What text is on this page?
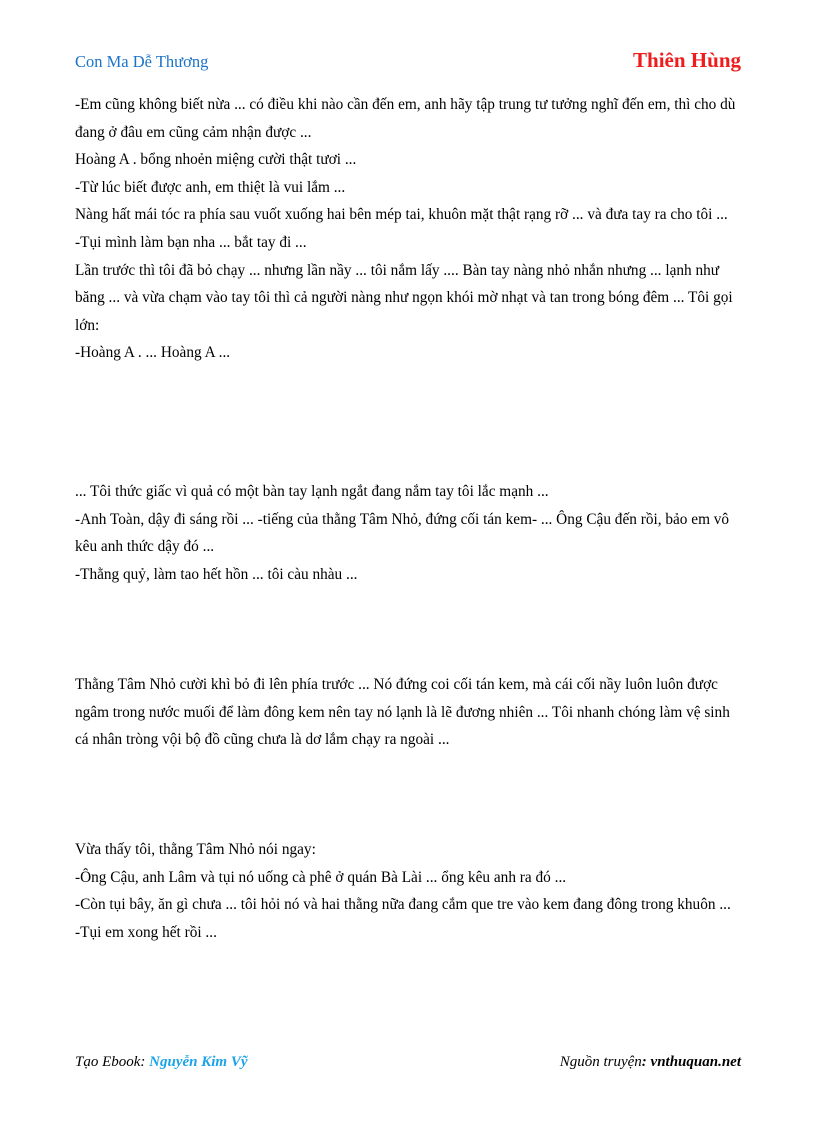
Con Ma Dễ Thương	Thiên Hùng

-Em cũng không biết nừa ... có điều khi nào cần đến em, anh hãy tập trung tư tưởng nghĩ đến em, thì cho dù đang ở đâu em cũng cảm nhận được ...

Hoàng A . bổng nhoẻn miệng cười thật tươi ...

-Từ lúc biết được anh, em thiệt là vui lắm ...

Nàng hất mái tóc ra phía sau vuốt xuống hai bên mép tai, khuôn mặt thật rạng rỡ ... và đưa tay ra cho tôi ...

-Tụi mình làm bạn nha ... bắt tay đi ...

Lần trước thì tôi đã bỏ chạy ... nhưng lần nầy ... tôi nắm lấy .... Bàn tay nàng nhỏ nhắn nhưng ... lạnh như băng ... và vừa chạm vào tay tôi thì cả người nàng như ngọn khói mờ nhạt và tan trong bóng đêm ... Tôi gọi lớn:

-Hoàng A . ... Hoàng A ...

... Tôi thức giấc vì quả có một bàn tay lạnh ngắt đang nắm tay tôi lắc mạnh ...

-Anh Toàn, dậy đi sáng rồi ... -tiếng của thằng Tâm Nhỏ, đứng cối tán kem- ... Ông Cậu đến rồi, bảo em vô kêu anh thức dậy đó ...

-Thằng quỷ, làm tao hết hồn ... tôi càu nhàu ...

Thằng Tâm Nhỏ cười khì bỏ đi lên phía trước ... Nó đứng coi cối tán kem, mà cái cối nầy luôn luôn được ngâm trong nước muối để làm đông kem nên tay nó lạnh là lẽ đương nhiên ... Tôi nhanh chóng làm vệ sinh cá nhân tròng vội bộ đồ cũng chưa là dơ lắm chạy ra ngoài ...

Vừa thấy tôi, thằng Tâm Nhỏ nói ngay:

-Ông Cậu, anh Lâm và tụi nó uống cà phê ở quán Bà Lài ... ổng kêu anh ra đó ...

-Còn tụi bây, ăn gì chưa ... tôi hỏi nó và hai thằng nữa đang cắm que tre vào kem đang đông trong khuôn ...

-Tụi em xong hết rồi ...

Tạo Ebook: Nguyễn Kim Vỹ	Nguồn truyện: vnthuquan.net
